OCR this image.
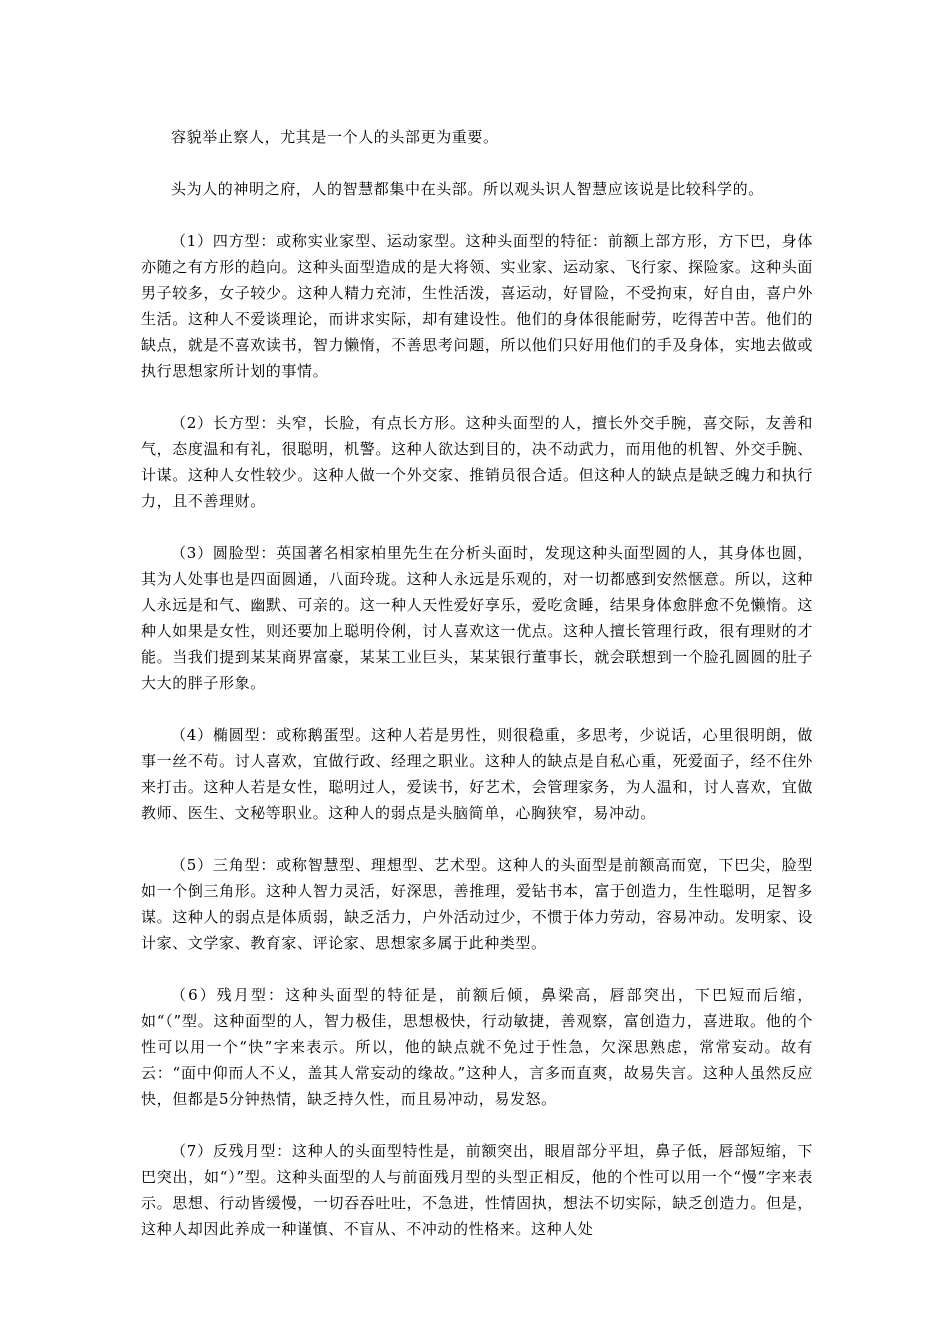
容貌举止察人，尤其是一个人的头部更为重要。

头为人的神明之府，人的智慧都集中在头部。所以观头识人智慧应该说是比较科学的。

（1）四方型：或称实业家型、运动家型。这种头面型的特征：前额上部方形，方下巴，身体亦随之有方形的趋向。这种头面型造成的是大将领、实业家、运动家、飞行家、探险家。这种头面男子较多，女子较少。这种人精力充沛，生性活泼，喜运动，好冒险，不受拘束，好自由，喜户外生活。这种人不爱谈理论，而讲求实际，却有建设性。他们的身体很能耐劳，吃得苦中苦。他们的缺点，就是不喜欢读书，智力懒惰，不善思考问题，所以他们只好用他们的手及身体，实地去做或执行思想家所计划的事情。

（2）长方型：头窄，长脸，有点长方形。这种头面型的人，擅长外交手腕，喜交际，友善和气，态度温和有礼，很聪明，机警。这种人欲达到目的，决不动武力，而用他的机智、外交手腕、计谋。这种人女性较少。这种人做一个外交家、推销员很合适。但这种人的缺点是缺乏魄力和执行力，且不善理财。

（3）圆脸型：英国著名相家柏里先生在分析头面时，发现这种头面型圆的人，其身体也圆，其为人处事也是四面圆通，八面玲珑。这种人永远是乐观的，对一切都感到安然惬意。所以，这种人永远是和气、幽默、可亲的。这一种人天性爱好享乐，爱吃贪睡，结果身体愈胖愈不免懒惰。这种人如果是女性，则还要加上聪明伶俐，讨人喜欢这一优点。这种人擅长管理行政，很有理财的才能。当我们提到某某商界富豪，某某工业巨头，某某银行董事长，就会联想到一个脸孔圆圆的肚子大大的胖子形象。

（4）椭圆型：或称鹅蛋型。这种人若是男性，则很稳重，多思考，少说话，心里很明朗，做事一丝不苟。讨人喜欢，宜做行政、经理之职业。这种人的缺点是自私心重，死爱面子，经不住外来打击。这种人若是女性，聪明过人，爱读书，好艺术，会管理家务，为人温和，讨人喜欢，宜做教师、医生、文秘等职业。这种人的弱点是头脑简单，心胸狭窄，易冲动。

（5）三角型：或称智慧型、理想型、艺术型。这种人的头面型是前额高而宽，下巴尖，脸型如一个倒三角形。这种人智力灵活，好深思，善推理，爱钻书本，富于创造力，生性聪明，足智多谋。这种人的弱点是体质弱，缺乏活力，户外活动过少，不惯于体力劳动，容易冲动。发明家、设计家、文学家、教育家、评论家、思想家多属于此种类型。

（6）残月型：这种头面型的特征是，前额后倾，鼻梁高，唇部突出，下巴短而后缩，如“（”型。这种面型的人，智力极佳，思想极快，行动敏捷，善观察，富创造力，喜进取。他的个性可以用一个“快”字来表示。所以，他的缺点就不免过于性急，欠深思熟虑，常常妄动。故有云：“面中仰而人不乂，盖其人常妄动的缘故。”这种人，言多而直爽，故易失言。这种人虽然反应快，但都是5分钟热情，缺乏持久性，而且易冲动，易发怒。

（7）反残月型：这种人的头面型特性是，前额突出，眼眉部分平坦，鼻子低，唇部短缩，下巴突出，如“）”型。这种头面型的人与前面残月型的头型正相反，他的个性可以用一个“慢”字来表示。思想、行动皆缓慢，一切吞吞吐吐，不急进，性情固执，想法不切实际，缺乏创造力。但是，这种人却因此养成一种谨慎、不盲从、不冲动的性格来。这种人处
